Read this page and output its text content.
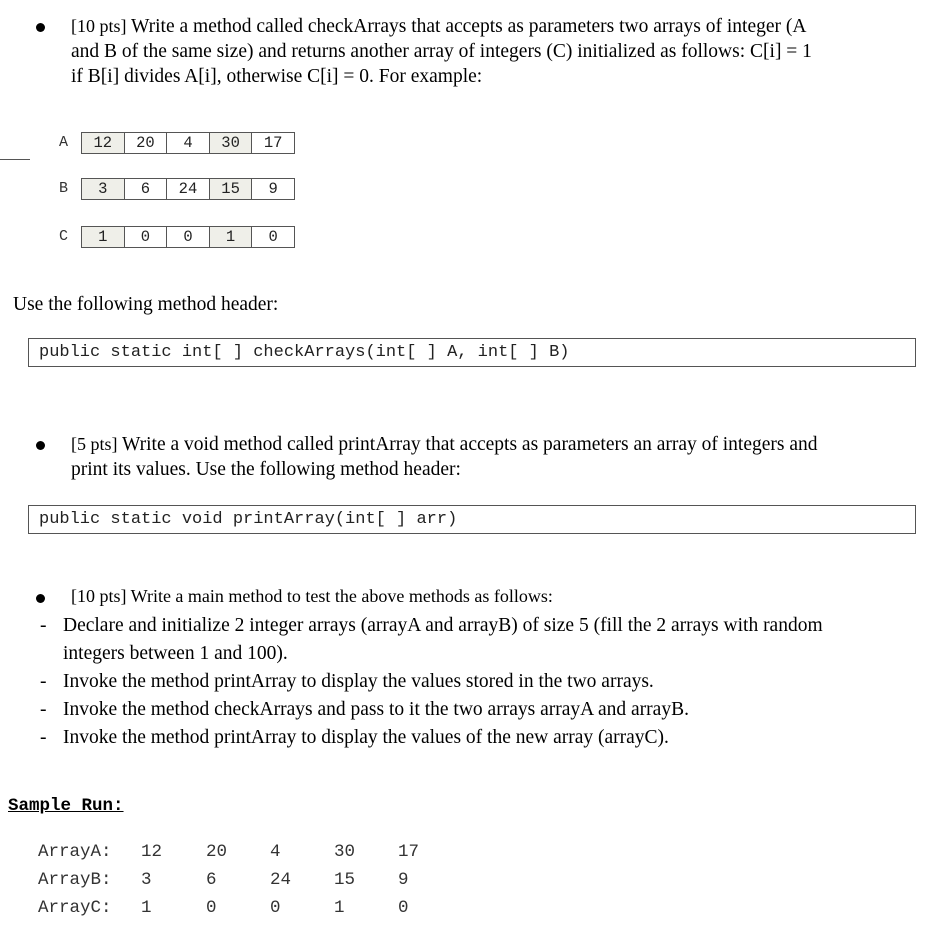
[10 pts] Write a method called checkArrays that accepts as parameters two arrays of integer (A
and B of the same size) and returns another array of integers (C) initialized as follows: C[i] = 1
if B[i] divides A[i], otherwise C[i] = 0. For example:
A	12	20	4	30	17
B	3	6	24	15	9
C	1	0	0	1	0
Use the following method header:
public static int[ ] checkArrays(int[ ] A, int[ ] B)
[5 pts] Write a void method called printArray that accepts as parameters an array of integers and
print its values. Use the following method header:
public static void printArray(int[ ] arr)
[10 pts] Write a main method to test the above methods as follows:
- Declare and initialize 2 integer arrays (arrayA and arrayB) of size 5 (fill the 2 arrays with random
integers between 1 and 100).
- Invoke the method printArray to display the values stored in the two arrays.
- Invoke the method checkArrays and pass to it the two arrays arrayA and arrayB.
- Invoke the method printArray to display the values of the new array (arrayC).
Sample Run:
ArrayA: 12	20 4	30 17
ArrayB: 3	6	24 15 9
ArrayC: 1	0	0	1	0
